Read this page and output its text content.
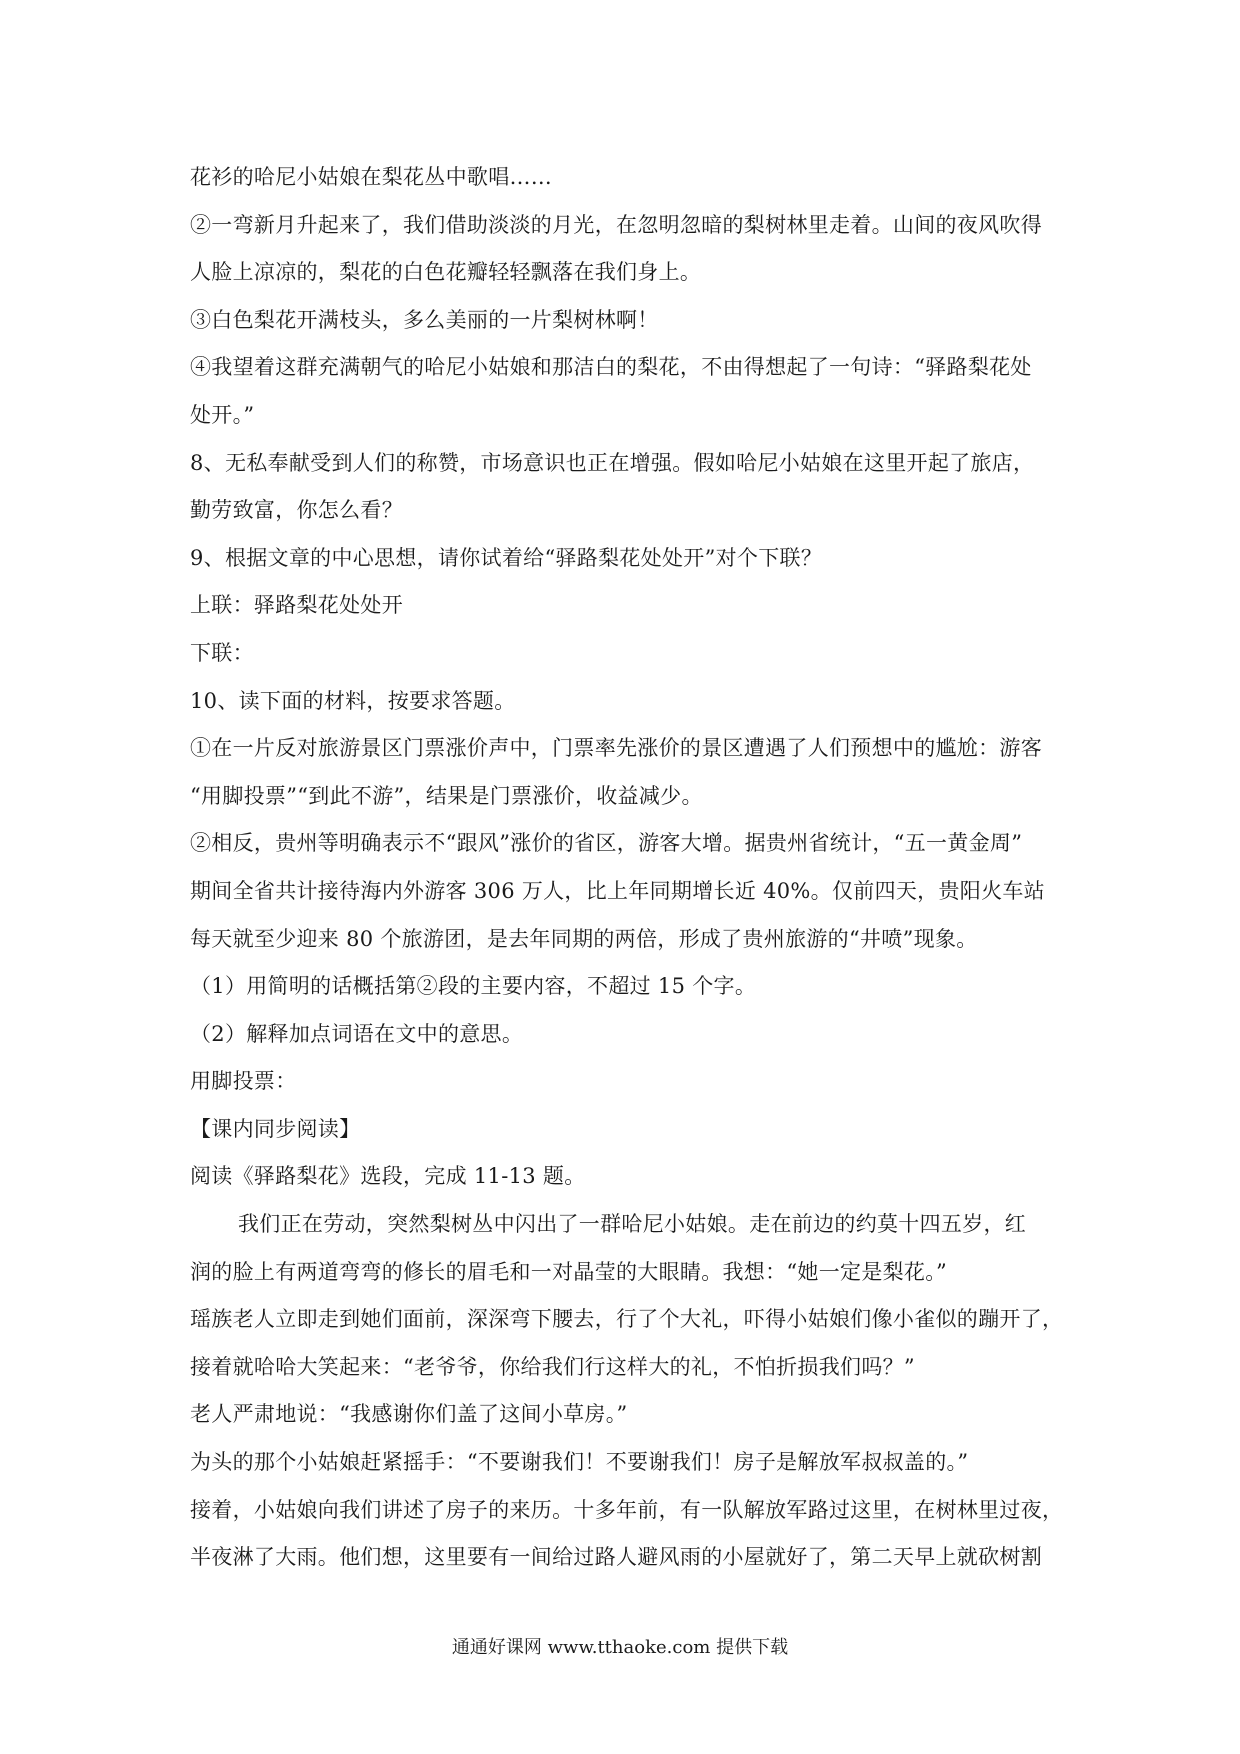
花衫的哈尼小姑娘在梨花丛中歌唱……
②一弯新月升起来了，我们借助淡淡的月光，在忽明忽暗的梨树林里走着。山间的夜风吹得
人脸上凉凉的，梨花的白色花瓣轻轻飘落在我们身上。
③白色梨花开满枝头，多么美丽的一片梨树林啊！
④我望着这群充满朝气的哈尼小姑娘和那洁白的梨花，不由得想起了一句诗：“驿路梨花处
处开。”
8、无私奉献受到人们的称赞，市场意识也正在增强。假如哈尼小姑娘在这里开起了旅店，
勤劳致富，你怎么看？
9、根据文章的中心思想，请你试着给“驿路梨花处处开”对个下联？
上联：驿路梨花处处开
下联：
10、读下面的材料，按要求答题。
①在一片反对旅游景区门票涨价声中，门票率先涨价的景区遭遇了人们预想中的尴尬：游客
“用脚投票”“到此不游”，结果是门票涨价，收益减少。
②相反，贵州等明确表示不“跟风”涨价的省区，游客大增。据贵州省统计，“五一黄金周”
期间全省共计接待海内外游客 306 万人，比上年同期增长近 40%。仅前四天，贵阳火车站
每天就至少迎来 80 个旅游团，是去年同期的两倍，形成了贵州旅游的“井喷”现象。
（1）用简明的话概括第②段的主要内容，不超过 15 个字。
（2）解释加点词语在文中的意思。
用脚投票：
【课内同步阅读】
阅读《驿路梨花》选段，完成 11-13 题。
我们正在劳动，突然梨树丛中闪出了一群哈尼小姑娘。走在前边的约莫十四五岁，红
润的脸上有两道弯弯的修长的眉毛和一对晶莹的大眼睛。我想：“她一定是梨花。”
瑶族老人立即走到她们面前，深深弯下腰去，行了个大礼，吓得小姑娘们像小雀似的蹦开了，
接着就哈哈大笑起来：“老爷爷，你给我们行这样大的礼，不怕折损我们吗？”
老人严肃地说：“我感谢你们盖了这间小草房。”
为头的那个小姑娘赶紧摇手：“不要谢我们！不要谢我们！房子是解放军叔叔盖的。”
接着，小姑娘向我们讲述了房子的来历。十多年前，有一队解放军路过这里，在树林里过夜，
半夜淋了大雨。他们想，这里要有一间给过路人避风雨的小屋就好了，第二天早上就砍树割
通通好课网 www.tthaoke.com 提供下载
